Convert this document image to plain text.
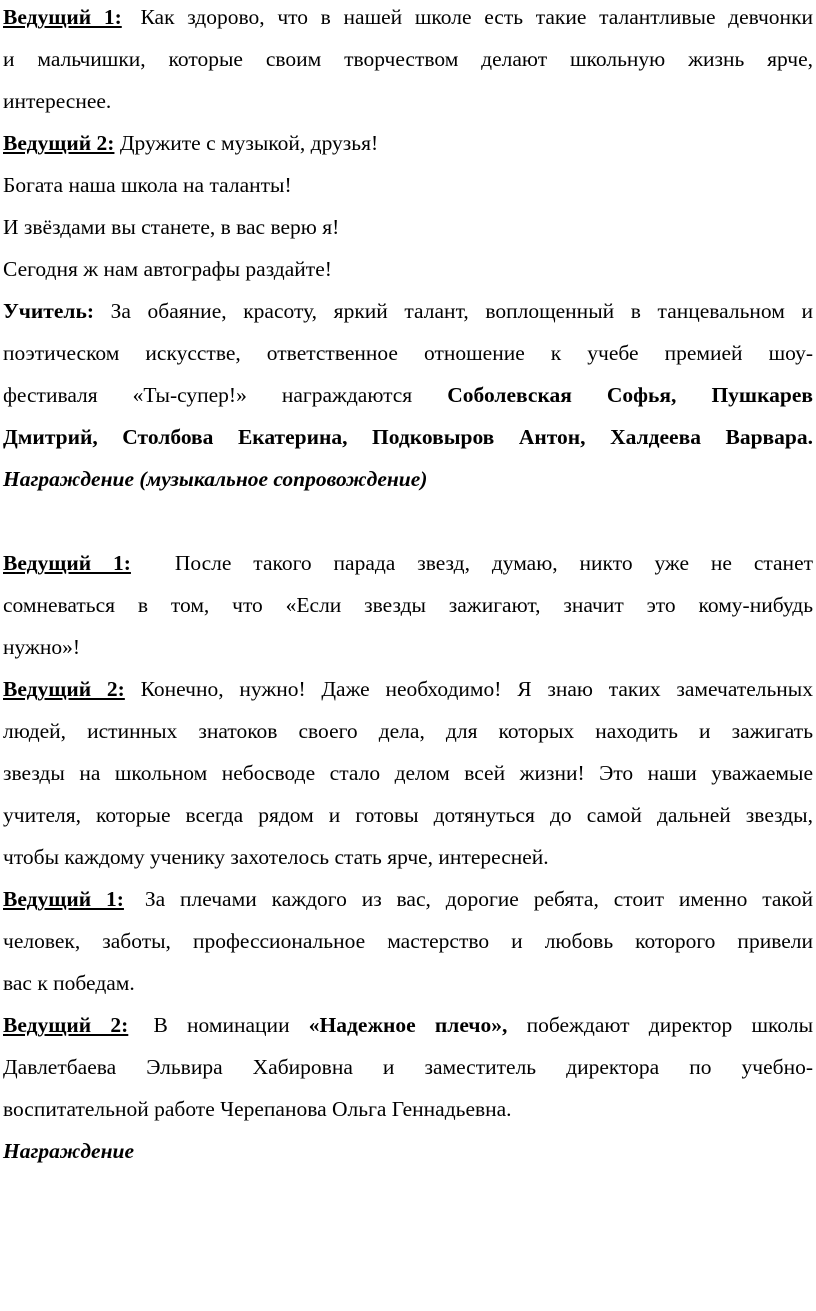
Ведущий 1: Как здорово, что в нашей школе есть такие талантливые девчонки
и мальчишки, которые своим творчеством делают школьную жизнь ярче,
интереснее.
Ведущий 2: Дружите с музыкой, друзья!
Богата наша школа на таланты!
И звёздами вы станете, в вас верю я!
Сегодня ж нам автографы раздайте!
Учитель: За обаяние, красоту, яркий талант, воплощенный в танцевальном и
поэтическом искусстве, ответственное отношение к учебе премией шоу-
фестиваля «Ты-супер!» награждаются Соболевская Софья, Пушкарев
Дмитрий, Столбова Екатерина, Подковыров Антон, Халдеева Варвара.
Награждение (музыкальное сопровождение)
Ведущий 1: После такого парада звезд, думаю, никто уже не станет
сомневаться в том, что «Если звезды зажигают, значит это кому-нибудь
нужно»!
Ведущий 2: Конечно, нужно! Даже необходимо! Я знаю таких замечательных
людей, истинных знатоков своего дела, для которых находить и зажигать
звезды на школьном небосводе стало делом всей жизни! Это наши уважаемые
учителя, которые всегда рядом и готовы дотянуться до самой дальней звезды,
чтобы каждому ученику захотелось стать ярче, интересней.
Ведущий 1: За плечами каждого из вас, дорогие ребята, стоит именно такой
человек, заботы, профессиональное мастерство и любовь которого привели
вас к победам.
Ведущий 2: В номинации «Надежное плечо», побеждают директор школы
Давлетбаева Эльвира Хабировна и заместитель директора по учебно-
воспитательной работе Черепанова Ольга Геннадьевна.
Награждение
